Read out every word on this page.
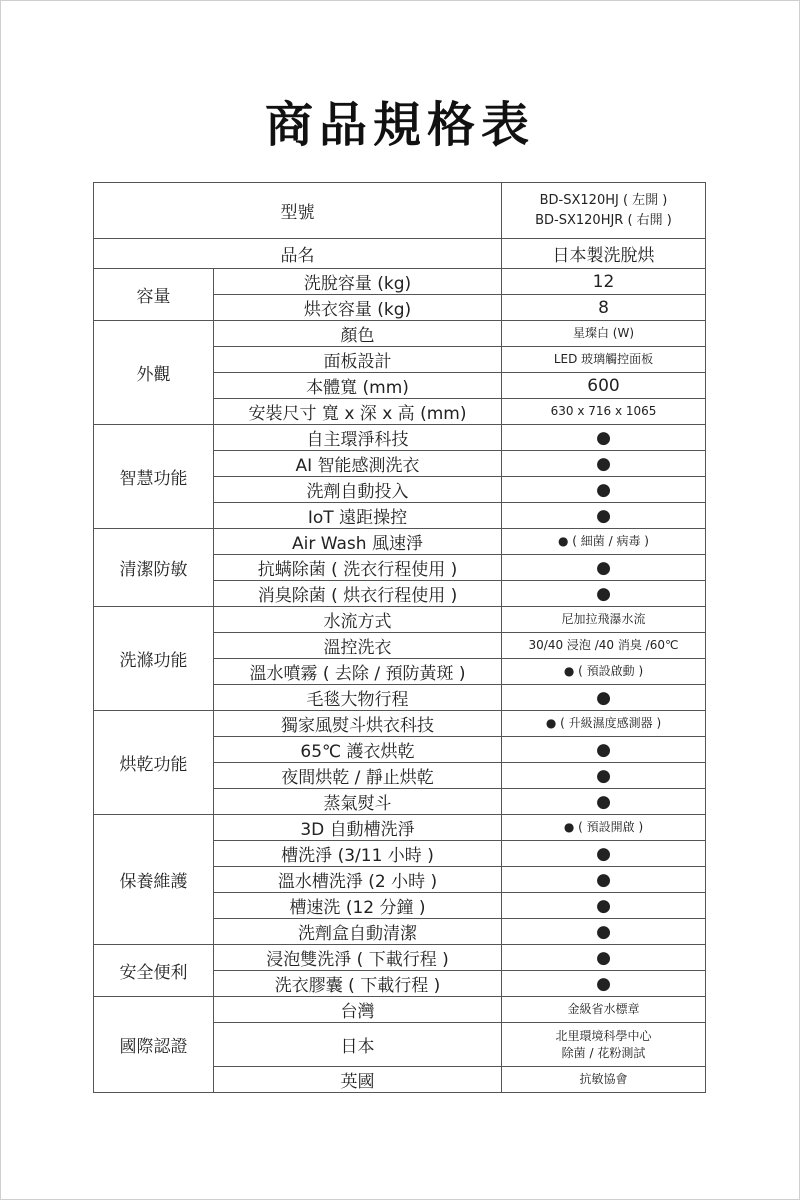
商品規格表
型號		BD-SX120HJ ( 左開 )
BD-SX120HJR ( 右開 )

品名		日本製洗脫烘
容量	洗脫容量 (kg)	12
	烘衣容量 (kg)	8
外觀	顏色	星璨白 (W)
	面板設計	LED 玻璃觸控面板
	本體寬 (mm)	600
	安裝尺寸 寬 x 深 x 高 (mm)	630 x 716 x 1065
智慧功能	自主環淨科技	●
	AI 智能感測洗衣	●
	洗劑自動投入	●
	IoT 遠距操控	●
清潔防敏	Air Wash 風速淨	● ( 細菌 / 病毒 )
	抗螨除菌 ( 洗衣行程使用 )	●
	消臭除菌 ( 烘衣行程使用 )	●
洗滌功能	水流方式	尼加拉飛瀑水流
	溫控洗衣	30/40 浸泡 /40 消臭 /60℃
	溫水噴霧 ( 去除 / 預防黃斑 )	● ( 預設啟動 )
	毛毯大物行程	●
烘乾功能	獨家風熨斗烘衣科技	● ( 升級濕度感測器 )
	65℃ 護衣烘乾	●
	夜間烘乾 / 靜止烘乾	●
	蒸氣熨斗	●
保養維護	3D 自動槽洗淨	● ( 預設開啟 )
	槽洗淨 (3/11 小時 )	●
	溫水槽洗淨 (2 小時 )	●
	槽速洗 (12 分鐘 )	●
	洗劑盒自動清潔	●
安全便利	浸泡雙洗淨 ( 下載行程 )	●
	洗衣膠囊 ( 下載行程 )	●
國際認證	台灣	金級省水標章
	日本	北里環境科學中心
除菌 / 花粉測試

	英國	抗敏協會
